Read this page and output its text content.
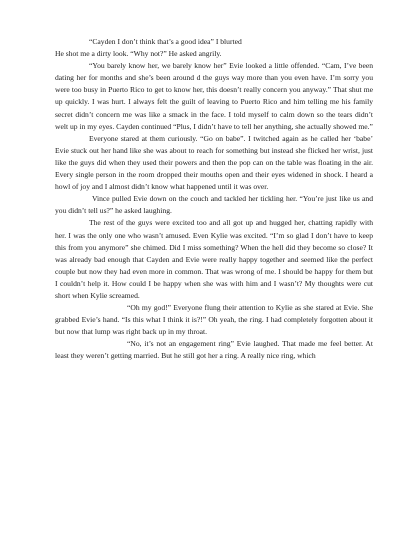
“Cayden I don’t think that’s a good idea” I blurted

He shot me a dirty look. “Why not?” He asked angrily.

“You barely know her, we barely know her” Evie looked a little offended. “Cam, I’ve been dating her for months and she’s been around d the guys way more than you even have. I’m sorry you were too busy in Puerto Rico to get to know her, this doesn’t really concern you anyway.” That shut me up quickly. I was hurt. I always felt the guilt of leaving to Puerto Rico and him telling me his family secret didn’t concern me was like a smack in the face. I told myself to calm down so the tears didn’t welt up in my eyes. Cayden continued “Plus, I didn’t have to tell her anything, she actually showed me.”

Everyone stared at them curiously. “Go on babe”. I twitched again as he called her ‘babe’ Evie stuck out her hand like she was about to reach for something but instead she flicked her wrist, just like the guys did when they used their powers and then the pop can on the table was floating in the air. Every single person in the room dropped their mouths open and their eyes widened in shock. I heard a howl of joy and I almost didn’t know what happened until it was over.

Vince pulled Evie down on the couch and tackled her tickling her. “You’re just like us and you didn’t tell us?” he asked laughing.

The rest of the guys were excited too and all got up and hugged her, chatting rapidly with her. I was the only one who wasn’t amused. Even Kylie was excited. “I’m so glad I don’t have to keep this from you anymore” she chimed. Did I miss something? When the hell did they become so close? It was already bad enough that Cayden and Evie were really happy together and seemed like the perfect couple but now they had even more in common. That was wrong of me. I should be happy for them but I couldn’t help it. How could I be happy when she was with him and I wasn’t? My thoughts were cut short when Kylie screamed.

“Oh my god!” Everyone flung their attention to Kylie as she stared at Evie. She grabbed Evie’s hand. “Is this what I think it is?!” Oh yeah, the ring. I had completely forgotten about it but now that lump was right back up in my throat.

“No, it’s not an engagement ring” Evie laughed. That made me feel better. At least they weren’t getting married. But he still got her a ring. A really nice ring, which
